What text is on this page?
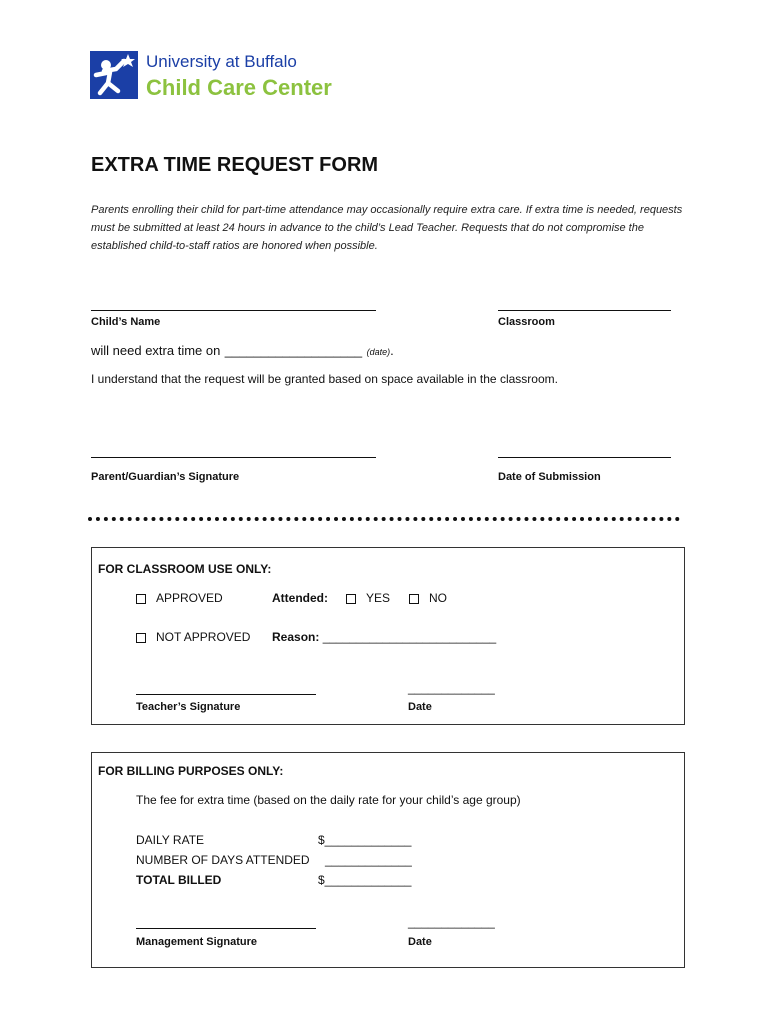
University at Buffalo
Child Care Center
EXTRA TIME REQUEST FORM
Parents enrolling their child for part-time attendance may occasionally require extra care. If extra time is needed, requests must be submitted at least 24 hours in advance to the child’s Lead Teacher. Requests that do not compromise the established child-to-staff ratios are honored when possible.
Child’s Name	Classroom
will need extra time on ___________________ (date).
I understand that the request will be granted based on space available in the classroom.
Parent/Guardian’s Signature	Date of Submission
FOR CLASSROOM USE ONLY:
APPROVED	Attended:	YES	NO
NOT APPROVED Reason: __________________________
_____________
Teacher’s Signature	Date
FOR BILLING PURPOSES ONLY:
The fee for extra time (based on the daily rate for your child’s age group)
DAILY RATE	$_____________
NUMBER OF DAYS ATTENDED _____________
TOTAL BILLED	$_____________
_____________
Management Signature	Date
